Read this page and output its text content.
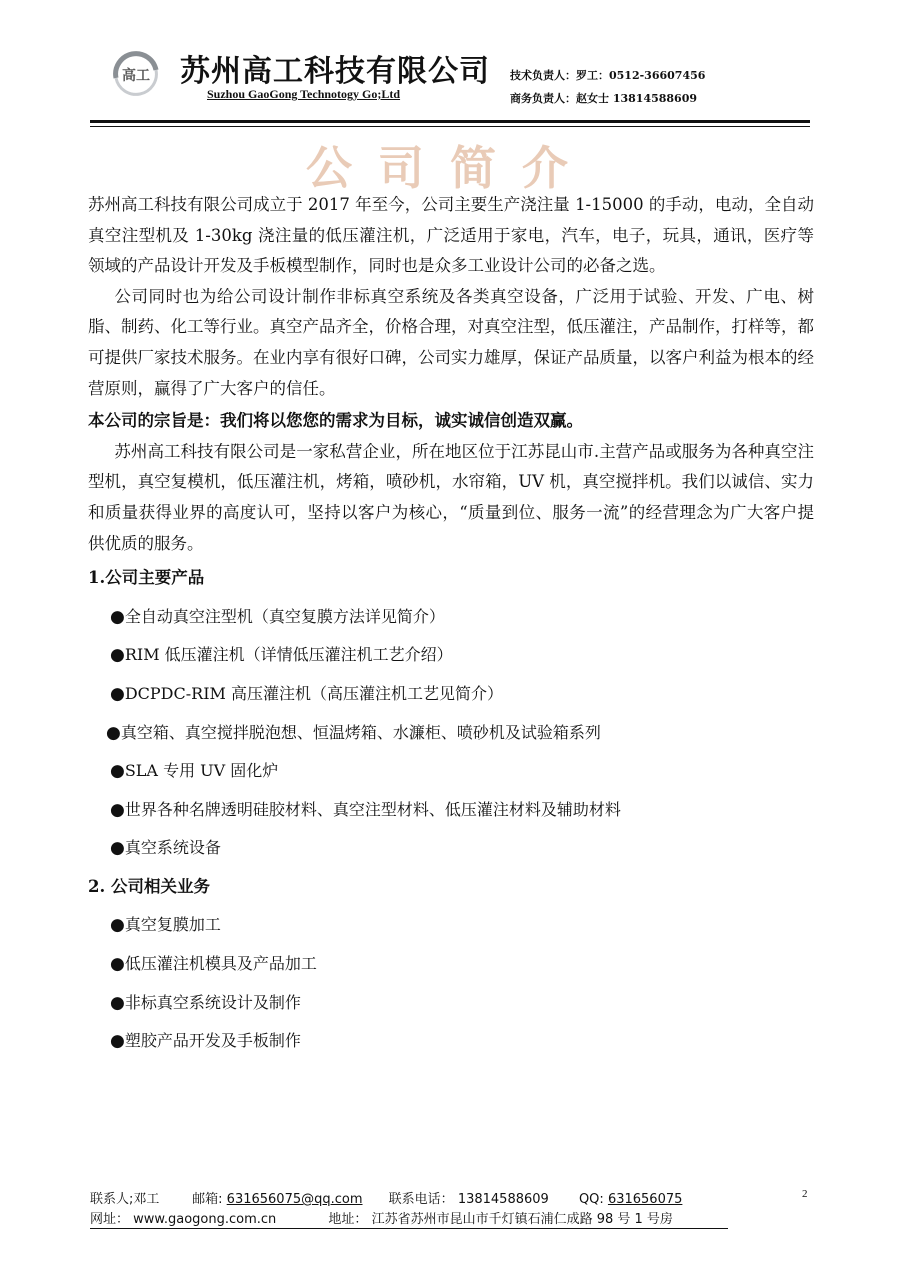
高工 苏州高工科技有限公司
Suzhou GaoGong Technotogy Go;Ltd
技术负责人：罗工：0512-36607456
商务负责人：赵女士 13814588609
公司简介

苏州高工科技有限公司成立于 2017 年至今，公司主要生产浇注量 1-15000 的手动，电动，全自动真空注型机及 1-30kg 浇注量的低压灌注机，广泛适用于家电，汽车，电子，玩具，通讯，医疗等领域的产品设计开发及手板模型制作，同时也是众多工业设计公司的必备之选。

公司同时也为给公司设计制作非标真空系统及各类真空设备，广泛用于试验、开发、广电、树脂、制药、化工等行业。真空产品齐全，价格合理，对真空注型，低压灌注，产品制作，打样等，都可提供厂家技术服务。在业内享有很好口碑，公司实力雄厚，保证产品质量，以客户利益为根本的经营原则，赢得了广大客户的信任。

本公司的宗旨是：我们将以您您的需求为目标，诚实诚信创造双赢。

苏州高工科技有限公司是一家私营企业，所在地区位于江苏昆山市.主营产品或服务为各种真空注型机，真空复模机，低压灌注机，烤箱，喷砂机，水帘箱，UV 机，真空搅拌机。我们以诚信、实力和质量获得业界的高度认可，坚持以客户为核心，“质量到位、服务一流”的经营理念为广大客户提供优质的服务。

1.公司主要产品

●全自动真空注型机（真空复膜方法详见简介）
●RIM 低压灌注机（详情低压灌注机工艺介绍）
●DCPDC-RIM 高压灌注机（高压灌注机工艺见简介）
●真空箱、真空搅拌脱泡想、恒温烤箱、水濂柜、喷砂机及试验箱系列
●SLA 专用 UV 固化炉
●世界各种名牌透明硅胶材料、真空注型材料、低压灌注材料及辅助材料
●真空系统设备

2. 公司相关业务

●真空复膜加工
●低压灌注机模具及产品加工
●非标真空系统设计及制作
●塑胶产品开发及手板制作
联系人;邓工	邮箱: 631656075@qq.com 联系电话： 13814588609 QQ: 631656075
网址： www.gaogong.com.cn	地址： 江苏省苏州市昆山市千灯镇石浦仁成路 98 号 1 号房
2
